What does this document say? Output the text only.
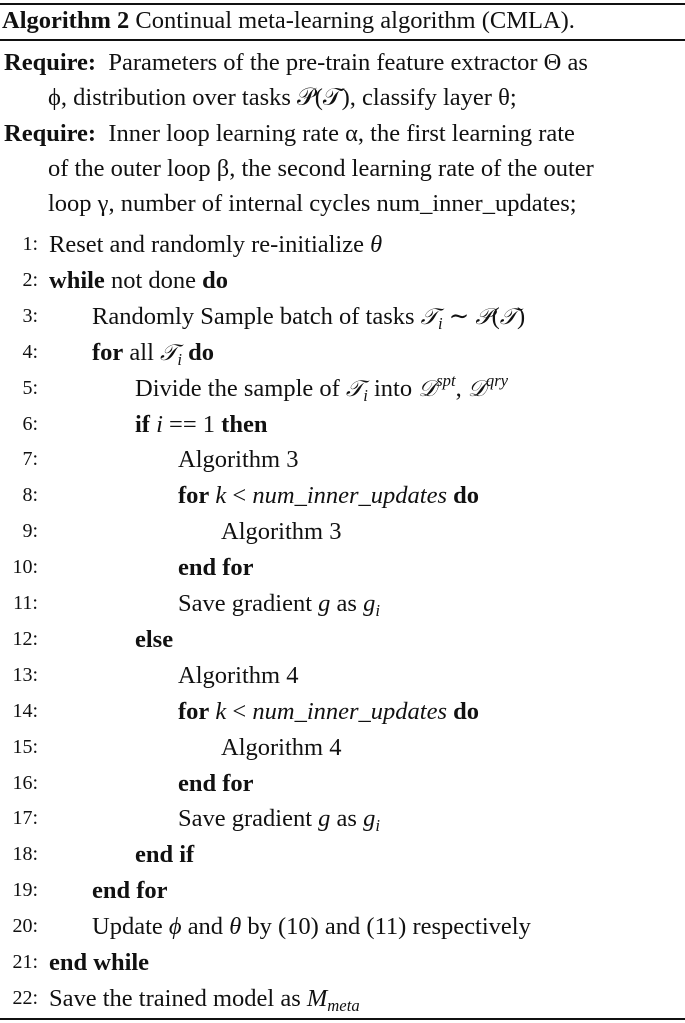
Algorithm 2 Continual meta-learning algorithm (CMLA).
Require: Parameters of the pre-train feature extractor Θ as
ϕ, distribution over tasks 𝒫(𝒯), classify layer θ;
Require: Inner loop learning rate α, the first learning rate
of the outer loop β, the second learning rate of the outer
loop γ, number of internal cycles num_inner_updates;
1: Reset and randomly re-initialize θ
2: while not done do
3: Randomly Sample batch of tasks 𝒯$_i$ ∼ 𝒫(𝒯)
4: for all 𝒯$_i$ do
5:	Divide the sample of 𝒯$_i$ into 𝒟$^{spt}$, 𝒟$^{qry}$
6:	if i == 1 then
7:	Algorithm 3
8:	for k < num_inner_updates do
9:	Algorithm 3
10:	end for
11:	Save gradient g as $g_i$
12:	else
13:	Algorithm 4
14:	for k < num_inner_updates do
15:	Algorithm 4
16:	end for
17:	Save gradient g as $g_i$
18:	end if
19: end for
20: Update ϕ and θ by (10) and (11) respectively
21: end while
22: Save the trained model as $M_{meta}$
